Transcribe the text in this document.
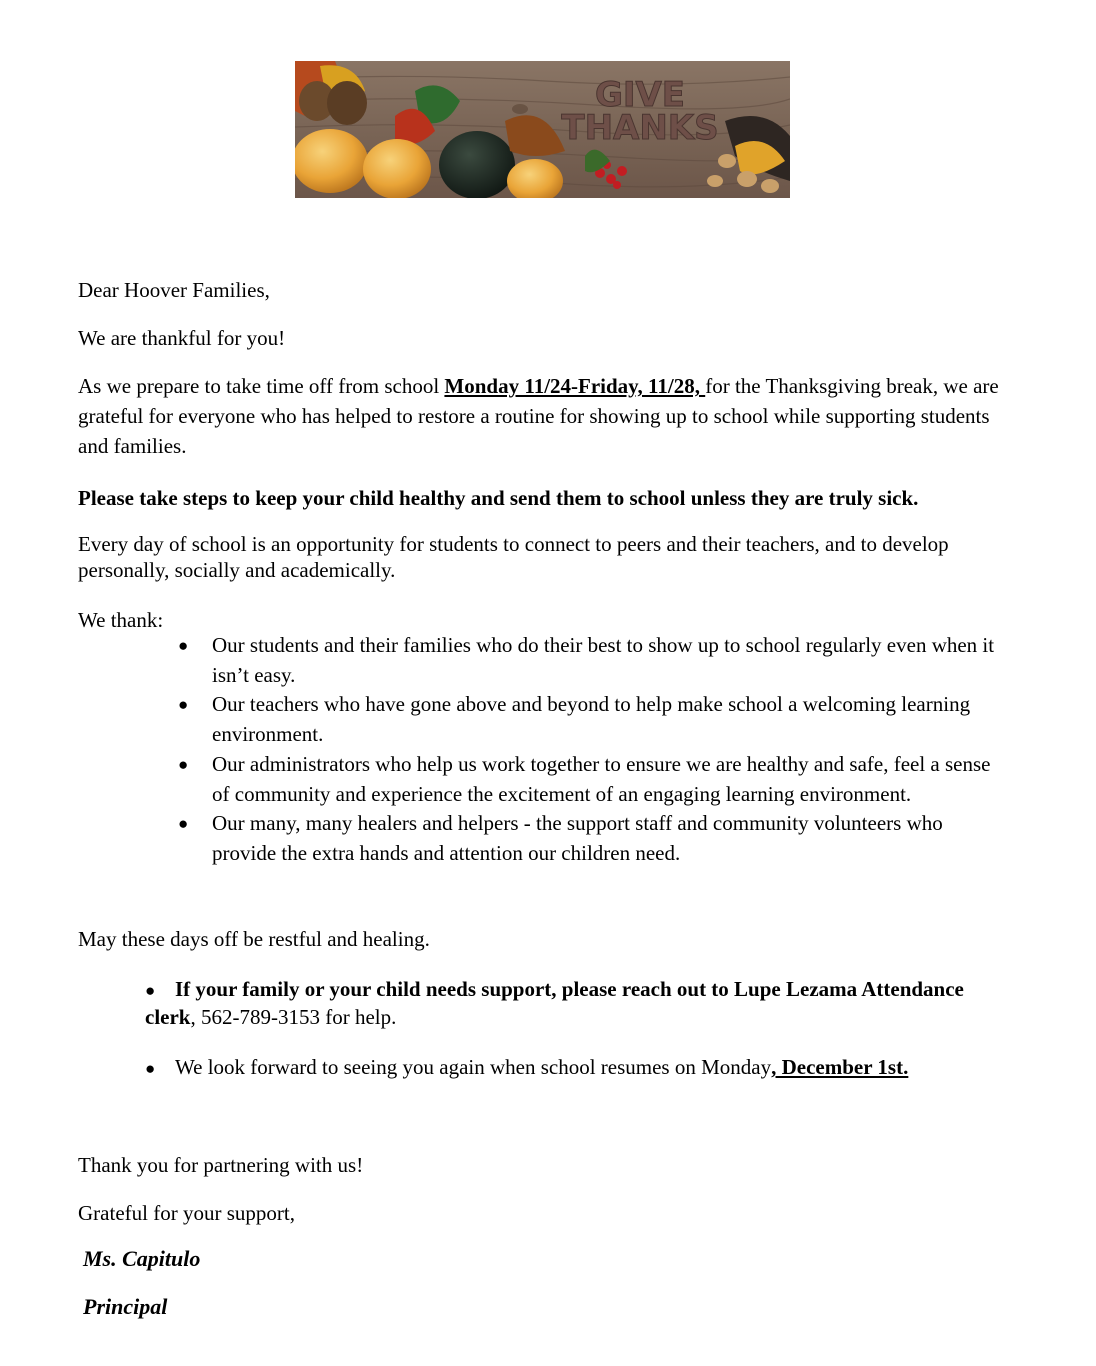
GIVE
THANKS

Dear Hoover Families,

We are thankful for you!

As we prepare to take time off from school Monday 11/24-Friday, 11/28, for the Thanksgiving break, we are grateful for everyone who has helped to restore a routine for showing up to school while supporting students and families.

Please take steps to keep your child healthy and send them to school unless they are truly sick.

Every day of school is an opportunity for students to connect to peers and their teachers, and to develop personally, socially and academically.

We thank:

● Our students and their families who do their best to show up to school regularly even when it isn’t easy.
● Our teachers who have gone above and beyond to help make school a welcoming learning environment.
● Our administrators who help us work together to ensure we are healthy and safe, feel a sense of community and experience the excitement of an engaging learning environment.
● Our many, many healers and helpers - the support staff and community volunteers who provide the extra hands and attention our children need.

May these days off be restful and healing.

● If your family or your child needs support, please reach out to Lupe Lezama Attendance clerk, 562-789-3153 for help.

● We look forward to seeing you again when school resumes on Monday, December 1st.

Thank you for partnering with us!

Grateful for your support,

Ms. Capitulo

Principal
